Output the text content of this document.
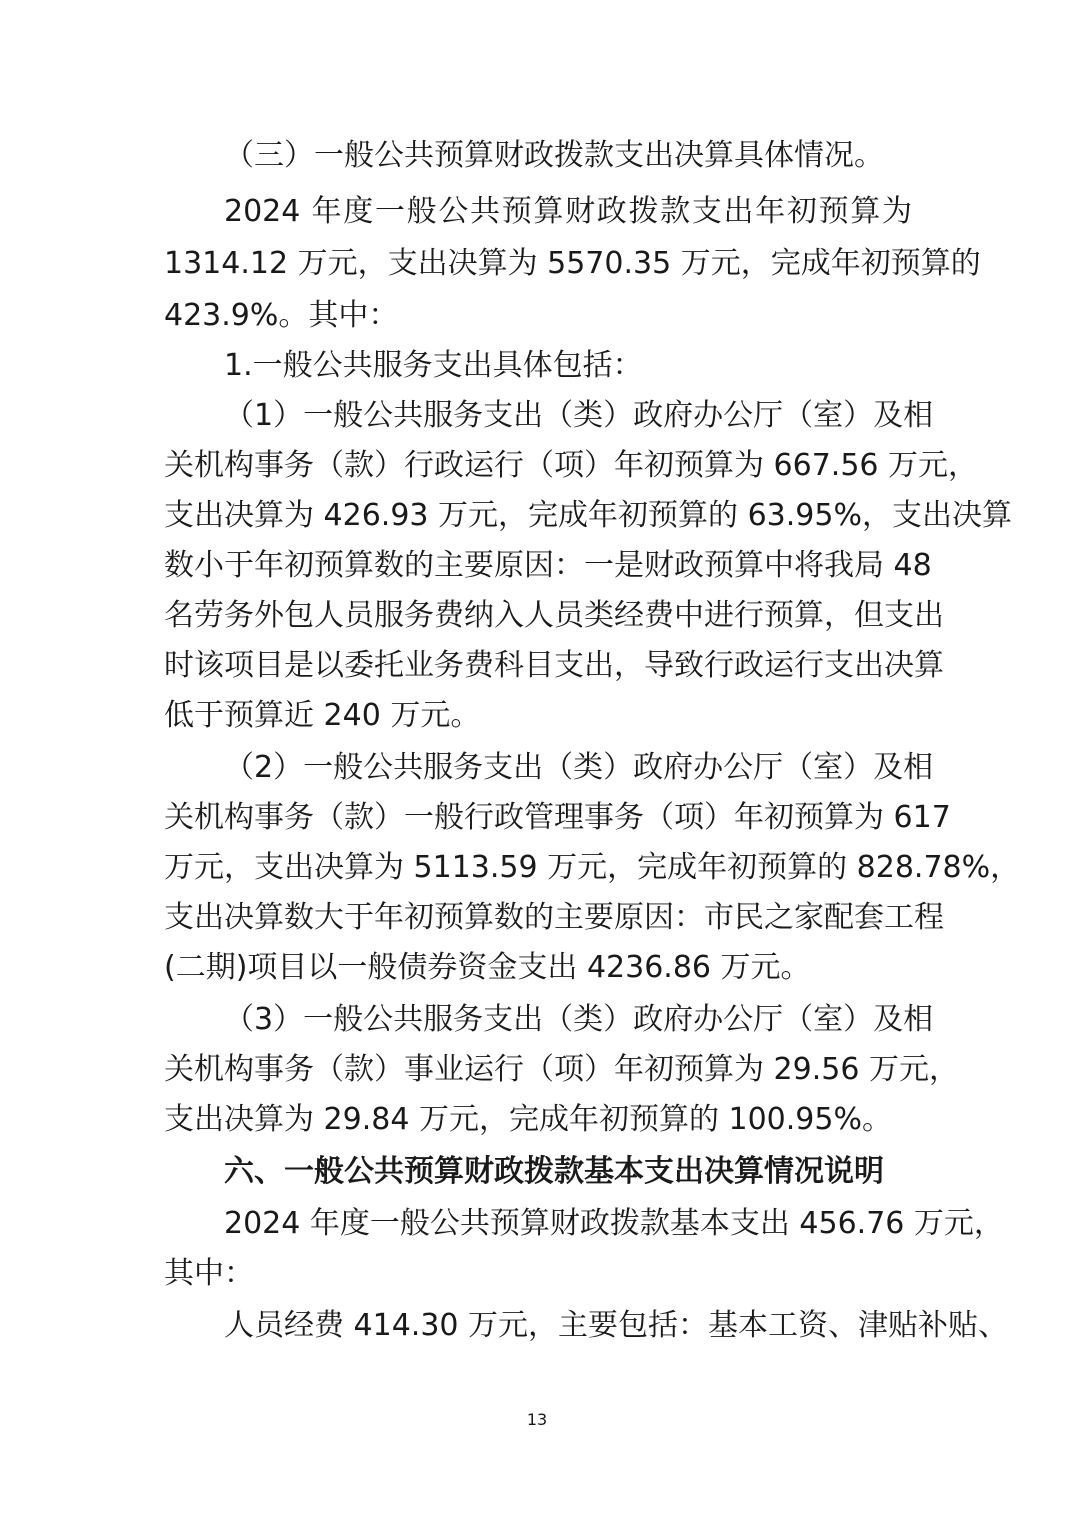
（三）一般公共预算财政拨款支出决算具体情况。
2024 年度一般公共预算财政拨款支出年初预算为
1314.12 万元，支出决算为 5570.35 万元，完成年初预算的
423.9%。其中：
1.一般公共服务支出具体包括：
（1）一般公共服务支出（类）政府办公厅（室）及相
关机构事务（款）行政运行（项）年初预算为 667.56 万元，
支出决算为 426.93 万元，完成年初预算的 63.95%，支出决算
数小于年初预算数的主要原因：一是财政预算中将我局 48
名劳务外包人员服务费纳入人员类经费中进行预算，但支出
时该项目是以委托业务费科目支出，导致行政运行支出决算
低于预算近 240 万元。
（2）一般公共服务支出（类）政府办公厅（室）及相
关机构事务（款）一般行政管理事务（项）年初预算为 617
万元，支出决算为 5113.59 万元，完成年初预算的 828.78%，
支出决算数大于年初预算数的主要原因：市民之家配套工程
(二期)项目以一般债券资金支出 4236.86 万元。
（3）一般公共服务支出（类）政府办公厅（室）及相
关机构事务（款）事业运行（项）年初预算为 29.56 万元，
支出决算为 29.84 万元，完成年初预算的 100.95%。
六、一般公共预算财政拨款基本支出决算情况说明
2024 年度一般公共预算财政拨款基本支出 456.76 万元，
其中：
人员经费 414.30 万元，主要包括：基本工资、津贴补贴、
13
